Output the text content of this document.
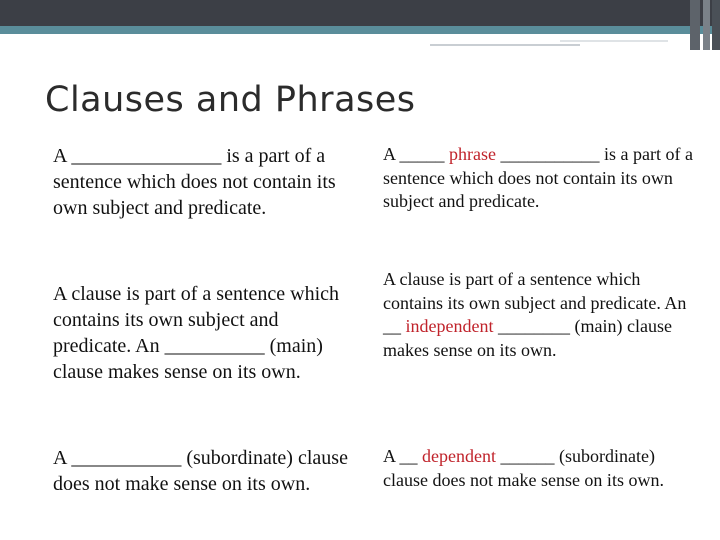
Clauses and Phrases

A _______________ is a part of a sentence which does not contain its own subject and predicate.

A clause is part of a sentence which contains its own subject and predicate. An __________ (main) clause makes sense on its own.

A ___________ (subordinate) clause does not make sense on its own.

A _____ phrase ___________ is a part of a sentence which does not contain its own subject and predicate.

A clause is part of a sentence which contains its own subject and predicate. An __ independent ________ (main) clause makes sense on its own.

A __ dependent ______ (subordinate) clause does not make sense on its own.
